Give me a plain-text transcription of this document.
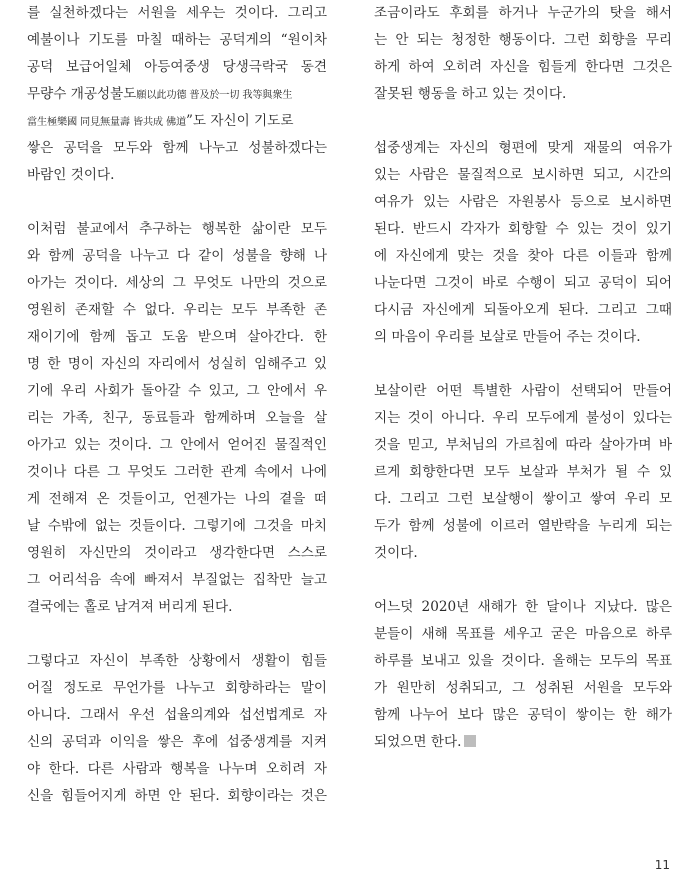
를 실천하겠다는 서원을 세우는 것이다. 그리고
예불이나 기도를 마칠 때하는 공덕게의 “원이차
공덕 보급어일체 아등여중생 당생극락국 동견
무량수 개공성불도願以此功德 普及於一切 我等與衆生
當生極樂國 同見無量壽 皆共成 佛道”도 자신이 기도로
쌓은 공덕을 모두와 함께 나누고 성불하겠다는
바람인 것이다.
이처럼 불교에서 추구하는 행복한 삶이란 모두
와 함께 공덕을 나누고 다 같이 성불을 향해 나
아가는 것이다. 세상의 그 무엇도 나만의 것으로
영원히 존재할 수 없다. 우리는 모두 부족한 존
재이기에 함께 돕고 도움 받으며 살아간다. 한
명 한 명이 자신의 자리에서 성실히 임해주고 있
기에 우리 사회가 돌아갈 수 있고, 그 안에서 우
리는 가족, 친구, 동료들과 함께하며 오늘을 살
아가고 있는 것이다. 그 안에서 얻어진 물질적인
것이나 다른 그 무엇도 그러한 관계 속에서 나에
게 전해져 온 것들이고, 언젠가는 나의 곁을 떠
날 수밖에 없는 것들이다. 그렇기에 그것을 마치
영원히 자신만의 것이라고 생각한다면 스스로
그 어리석음 속에 빠져서 부질없는 집착만 늘고
결국에는 홀로 남겨져 버리게 된다.
그렇다고 자신이 부족한 상황에서 생활이 힘들
어질 정도로 무언가를 나누고 회향하라는 말이
아니다. 그래서 우선 섭율의계와 섭선법계로 자
신의 공덕과 이익을 쌓은 후에 섭중생계를 지켜
야 한다. 다른 사람과 행복을 나누며 오히려 자
신을 힘들어지게 하면 안 된다. 회향이라는 것은
조금이라도 후회를 하거나 누군가의 탓을 해서
는 안 되는 청정한 행동이다. 그런 회향을 무리
하게 하여 오히려 자신을 힘들게 한다면 그것은
잘못된 행동을 하고 있는 것이다.
섭중생계는 자신의 형편에 맞게 재물의 여유가
있는 사람은 물질적으로 보시하면 되고, 시간의
여유가 있는 사람은 자원봉사 등으로 보시하면
된다. 반드시 각자가 회향할 수 있는 것이 있기
에 자신에게 맞는 것을 찾아 다른 이들과 함께
나눈다면 그것이 바로 수행이 되고 공덕이 되어
다시금 자신에게 되돌아오게 된다. 그리고 그때
의 마음이 우리를 보살로 만들어 주는 것이다.
보살이란 어떤 특별한 사람이 선택되어 만들어
지는 것이 아니다. 우리 모두에게 불성이 있다는
것을 믿고, 부처님의 가르침에 따라 살아가며 바
르게 회향한다면 모두 보살과 부처가 될 수 있
다. 그리고 그런 보살행이 쌓이고 쌓여 우리 모
두가 함께 성불에 이르러 열반락을 누리게 되는
것이다.
어느덧 2020년 새해가 한 달이나 지났다. 많은
분들이 새해 목표를 세우고 굳은 마음으로 하루
하루를 보내고 있을 것이다. 올해는 모두의 목표
가 원만히 성취되고, 그 성취된 서원을 모두와
함께 나누어 보다 많은 공덕이 쌓이는 한 해가
되었으면 한다.
11
